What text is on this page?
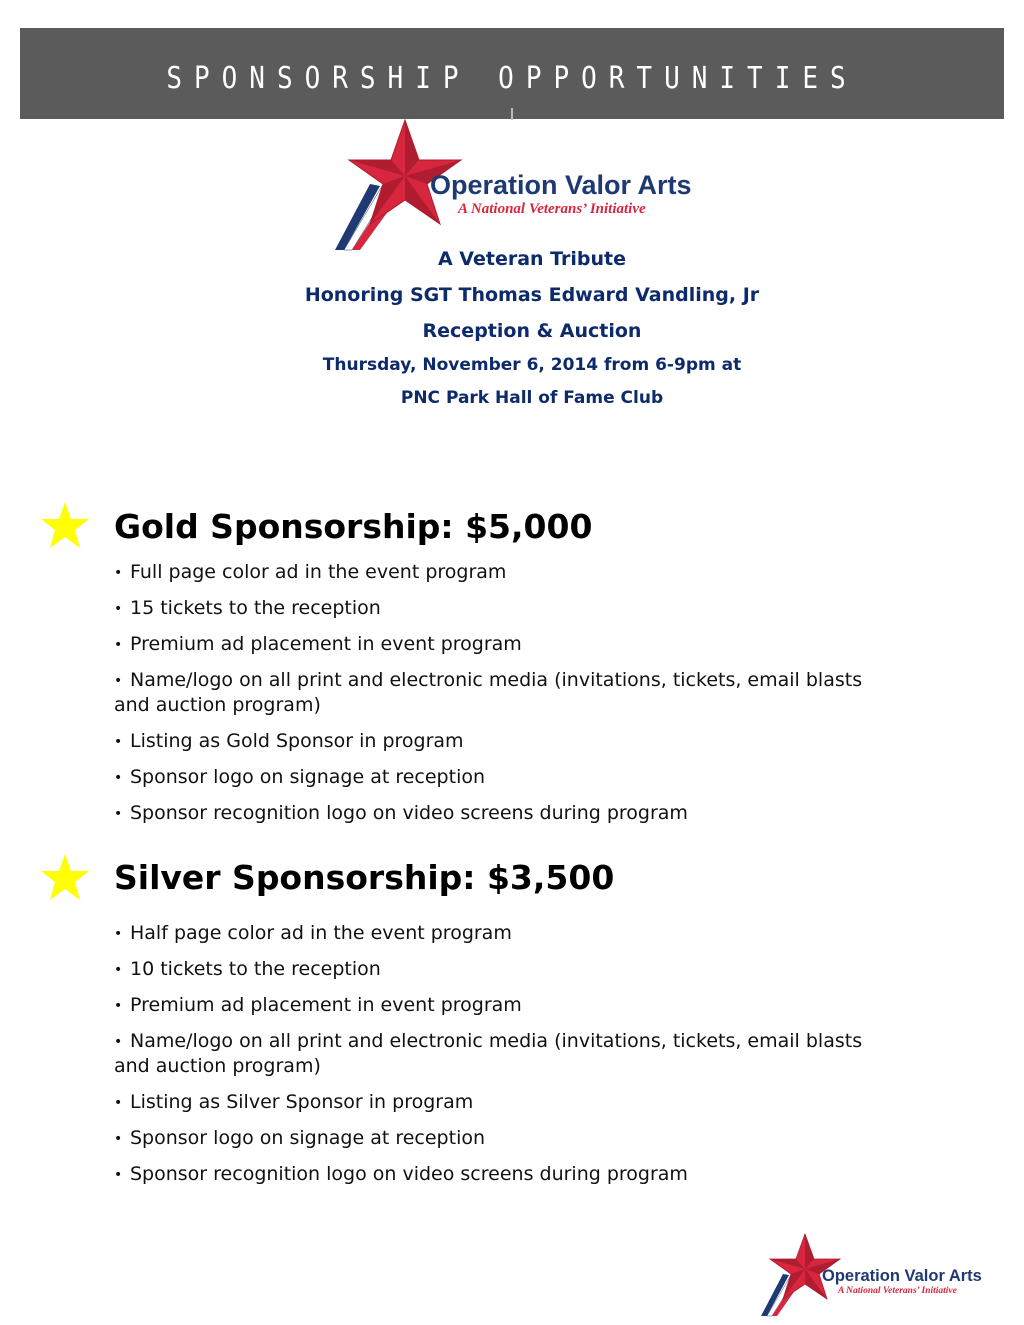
SPONSORSHIP OPPORTUNITIES
Operation Valor Arts
A National Veterans’ Initiative
A Veteran Tribute
Honoring SGT Thomas Edward Vandling, Jr
Reception & Auction
Thursday, November 6, 2014 from 6-9pm at
PNC Park Hall of Fame Club
Gold Sponsorship: $5,000
• Full page color ad in the event program
• 15 tickets to the reception
• Premium ad placement in event program
• Name/logo on all print and electronic media (invitations, tickets, email blasts and auction program)
• Listing as Gold Sponsor in program
• Sponsor logo on signage at reception
• Sponsor recognition logo on video screens during program
Silver Sponsorship: $3,500
• Half page color ad in the event program
• 10 tickets to the reception
• Premium ad placement in event program
• Name/logo on all print and electronic media (invitations, tickets, email blasts and auction program)
• Listing as Silver Sponsor in program
• Sponsor logo on signage at reception
• Sponsor recognition logo on video screens during program
Operation Valor Arts
A National Veterans’ Initiative
